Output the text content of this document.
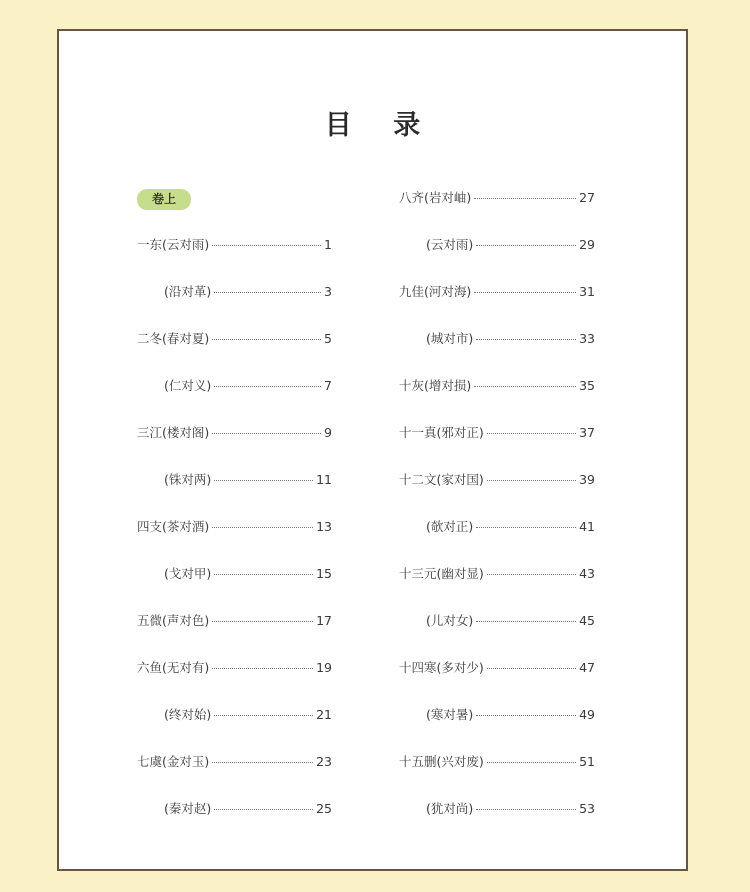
目 录
卷上
一东(云对雨)	1
(沿对革)	3
二冬(春对夏)	5
(仁对义)	7
三江(楼对阁)	9
(铢对两)	11
四支(茶对酒)	13
(戈对甲)	15
五微(声对色)	17
六鱼(无对有)	19
(终对始)	21
七虞(金对玉)	23
(秦对赵)	25
八齐(岩对岫)	27
(云对雨)	29
九佳(河对海)	31
(城对市)	33
十灰(增对损)	35
十一真(邪对正)	37
十二文(家对国)	39
(欹对正)	41
十三元(幽对显)	43
(儿对女)	45
十四寒(多对少)	47
(寒对暑)	49
十五删(兴对废)	51
(犹对尚)	53
